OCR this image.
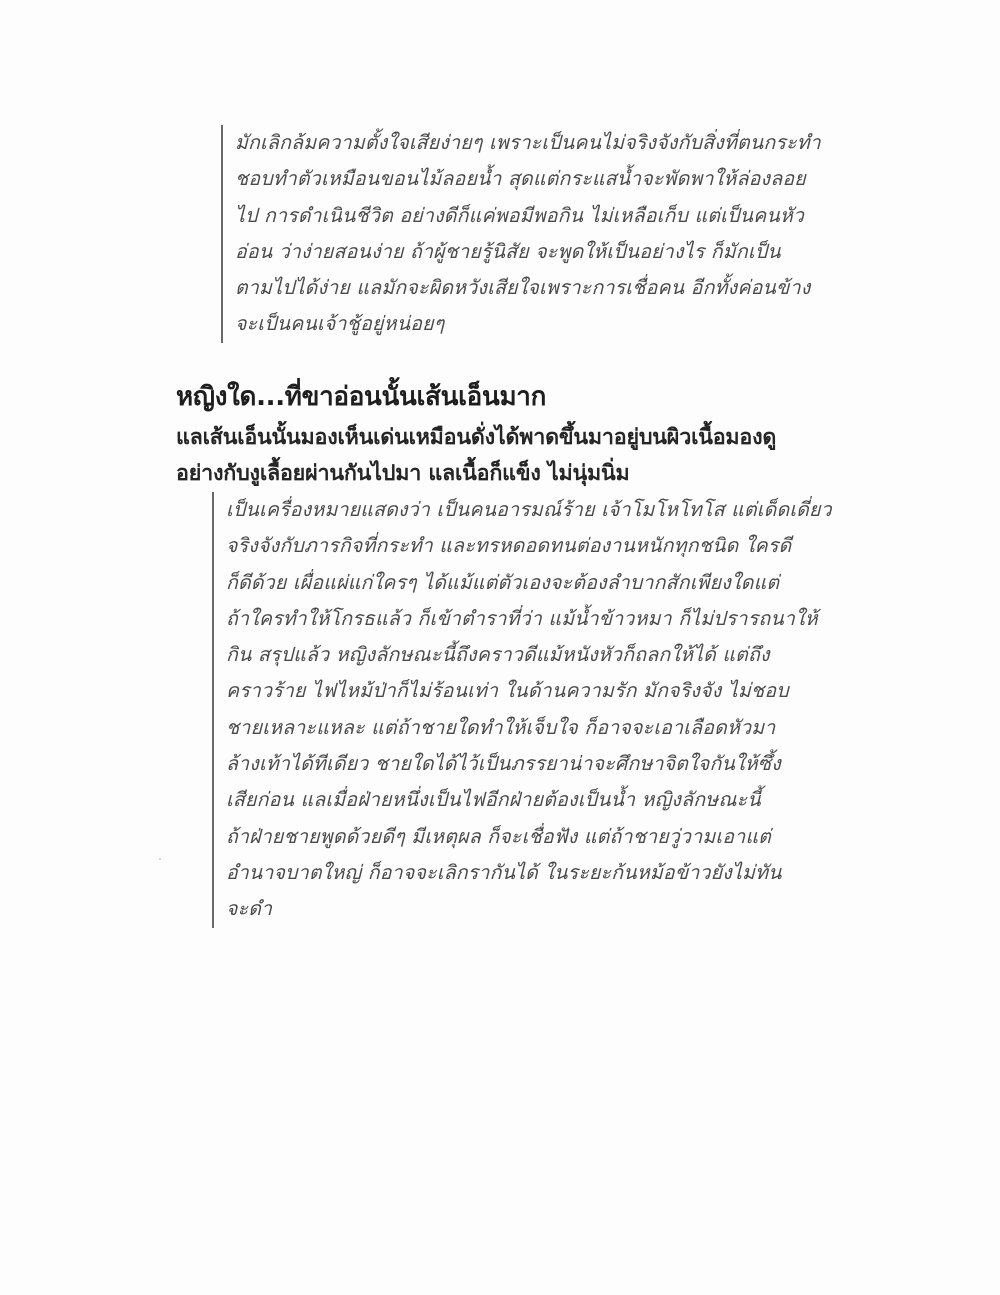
มักเลิกล้มความตั้งใจเสียง่ายๆ เพราะเป็นคนไม่จริงจังกับสิ่งที่ตนกระทำ
ชอบทำตัวเหมือนขอนไม้ลอยน้ำ สุดแต่กระแสน้ำจะพัดพาให้ล่องลอย
ไป การดำเนินชีวิต อย่างดีก็แค่พอมีพอกิน ไม่เหลือเก็บ แต่เป็นคนหัว
อ่อน ว่าง่ายสอนง่าย ถ้าผู้ชายรู้นิสัย จะพูดให้เป็นอย่างไร ก็มักเป็น
ตามไปได้ง่าย แลมักจะผิดหวังเสียใจเพราะการเชื่อคน อีกทั้งค่อนข้าง
จะเป็นคนเจ้าชู้อยู่หน่อยๆ
หญิงใด...ที่ขาอ่อนนั้นเส้นเอ็นมาก
แลเส้นเอ็นนั้นมองเห็นเด่นเหมือนดั่งได้พาดขึ้นมาอยู่บนผิวเนื้อมองดู
อย่างกับงูเลื้อยผ่านกันไปมา แลเนื้อก็แข็ง ไม่นุ่มนิ่ม
เป็นเครื่องหมายแสดงว่า เป็นคนอารมณ์ร้าย เจ้าโมโหโทโส แต่เด็ดเดี่ยว
จริงจังกับภารกิจที่กระทำ และทรหดอดทนต่องานหนักทุกชนิด ใครดี
ก็ดีด้วย เผื่อแผ่แก่ใครๆ ได้แม้แต่ตัวเองจะต้องลำบากสักเพียงใดแต่
ถ้าใครทำให้โกรธแล้ว ก็เข้าตำราที่ว่า แม้น้ำข้าวหมา ก็ไม่ปรารถนาให้
กิน สรุปแล้ว หญิงลักษณะนี้ถึงคราวดีแม้หนังหัวก็ถลกให้ได้ แต่ถึง
คราวร้าย ไฟไหม้ป่าก็ไม่ร้อนเท่า ในด้านความรัก มักจริงจัง ไม่ชอบ
ชายเหลาะแหละ แต่ถ้าชายใดทำให้เจ็บใจ ก็อาจจะเอาเลือดหัวมา
ล้างเท้าได้ทีเดียว ชายใดได้ไว้เป็นภรรยาน่าจะศึกษาจิตใจกันให้ซึ้ง
เสียก่อน แลเมื่อฝ่ายหนึ่งเป็นไฟอีกฝ่ายต้องเป็นน้ำ หญิงลักษณะนี้
ถ้าฝ่ายชายพูดด้วยดีๆ มีเหตุผล ก็จะเชื่อฟัง แต่ถ้าชายวู่วามเอาแต่
อำนาจบาตใหญ่ ก็อาจจะเลิกรากันได้ ในระยะก้นหม้อข้าวยังไม่ทัน
จะดำ
